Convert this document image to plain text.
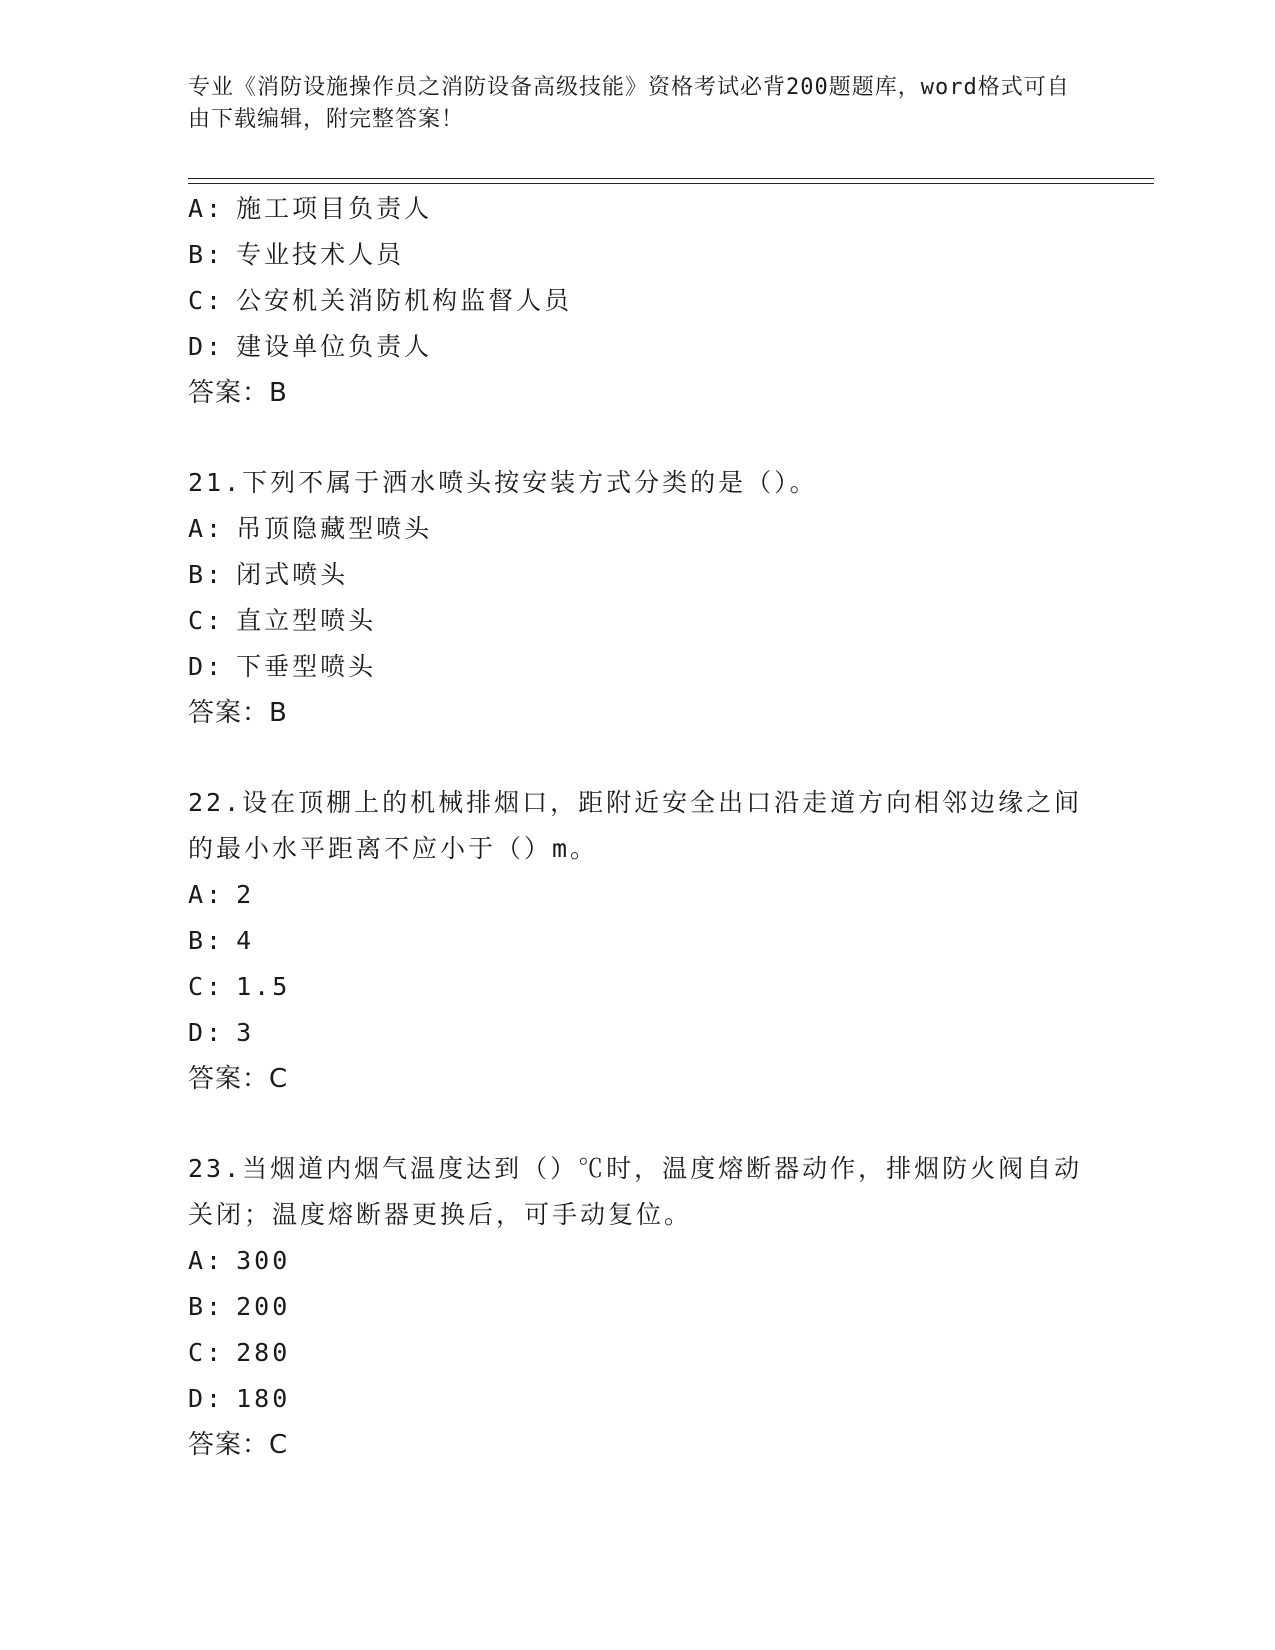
专业《消防设施操作员之消防设备高级技能》资格考试必背200题题库，word格式可自由下载编辑，附完整答案！
A: 施工项目负责人
B: 专业技术人员
C: 公安机关消防机构监督人员
D: 建设单位负责人
答案：B
21.下列不属于洒水喷头按安装方式分类的是（）。
A: 吊顶隐藏型喷头
B: 闭式喷头
C: 直立型喷头
D: 下垂型喷头
答案：B
22.设在顶棚上的机械排烟口，距附近安全出口沿走道方向相邻边缘之间的最小水平距离不应小于（）m。
A: 2
B: 4
C: 1.5
D: 3
答案：C
23.当烟道内烟气温度达到（）℃时，温度熔断器动作，排烟防火阀自动关闭；温度熔断器更换后，可手动复位。
A: 300
B: 200
C: 280
D: 180
答案：C
